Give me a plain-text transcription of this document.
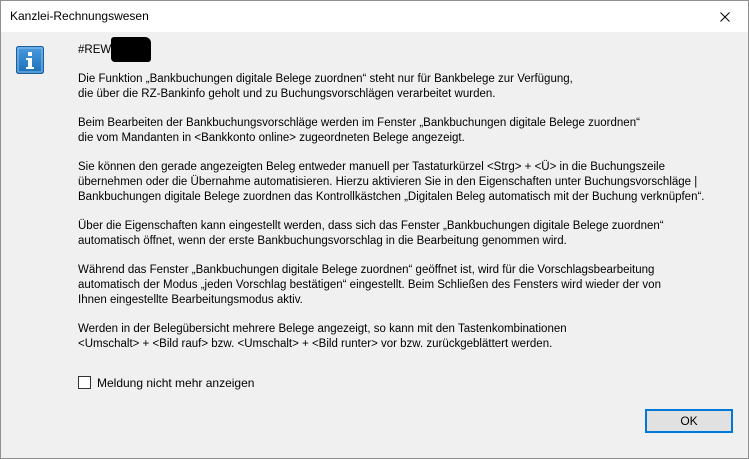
Kanzlei-Rechnungswesen
#REW
Die Funktion „Bankbuchungen digitale Belege zuordnen“ steht nur für Bankbelege zur Verfügung,
die über die RZ-Bankinfo geholt und zu Buchungsvorschlägen verarbeitet wurden.
Beim Bearbeiten der Bankbuchungsvorschläge werden im Fenster „Bankbuchungen digitale Belege zuordnen“
die vom Mandanten in <Bankkonto online> zugeordneten Belege angezeigt.
Sie können den gerade angezeigten Beleg entweder manuell per Tastaturkürzel <Strg> + <Ü> in die Buchungszeile
übernehmen oder die Übernahme automatisieren. Hierzu aktivieren Sie in den Eigenschaften unter Buchungsvorschläge |
Bankbuchungen digitale Belege zuordnen das Kontrollkästchen „Digitalen Beleg automatisch mit der Buchung verknüpfen“.
Über die Eigenschaften kann eingestellt werden, dass sich das Fenster „Bankbuchungen digitale Belege zuordnen“
automatisch öffnet, wenn der erste Bankbuchungsvorschlag in die Bearbeitung genommen wird.
Während das Fenster „Bankbuchungen digitale Belege zuordnen“ geöffnet ist, wird für die Vorschlagsbearbeitung
automatisch der Modus „jeden Vorschlag bestätigen“ eingestellt. Beim Schließen des Fensters wird wieder der von
Ihnen eingestellte Bearbeitungsmodus aktiv.
Werden in der Belegübersicht mehrere Belege angezeigt, so kann mit den Tastenkombinationen
<Umschalt> + <Bild rauf> bzw. <Umschalt> + <Bild runter> vor bzw. zurückgeblättert werden.
Meldung nicht mehr anzeigen
OK
